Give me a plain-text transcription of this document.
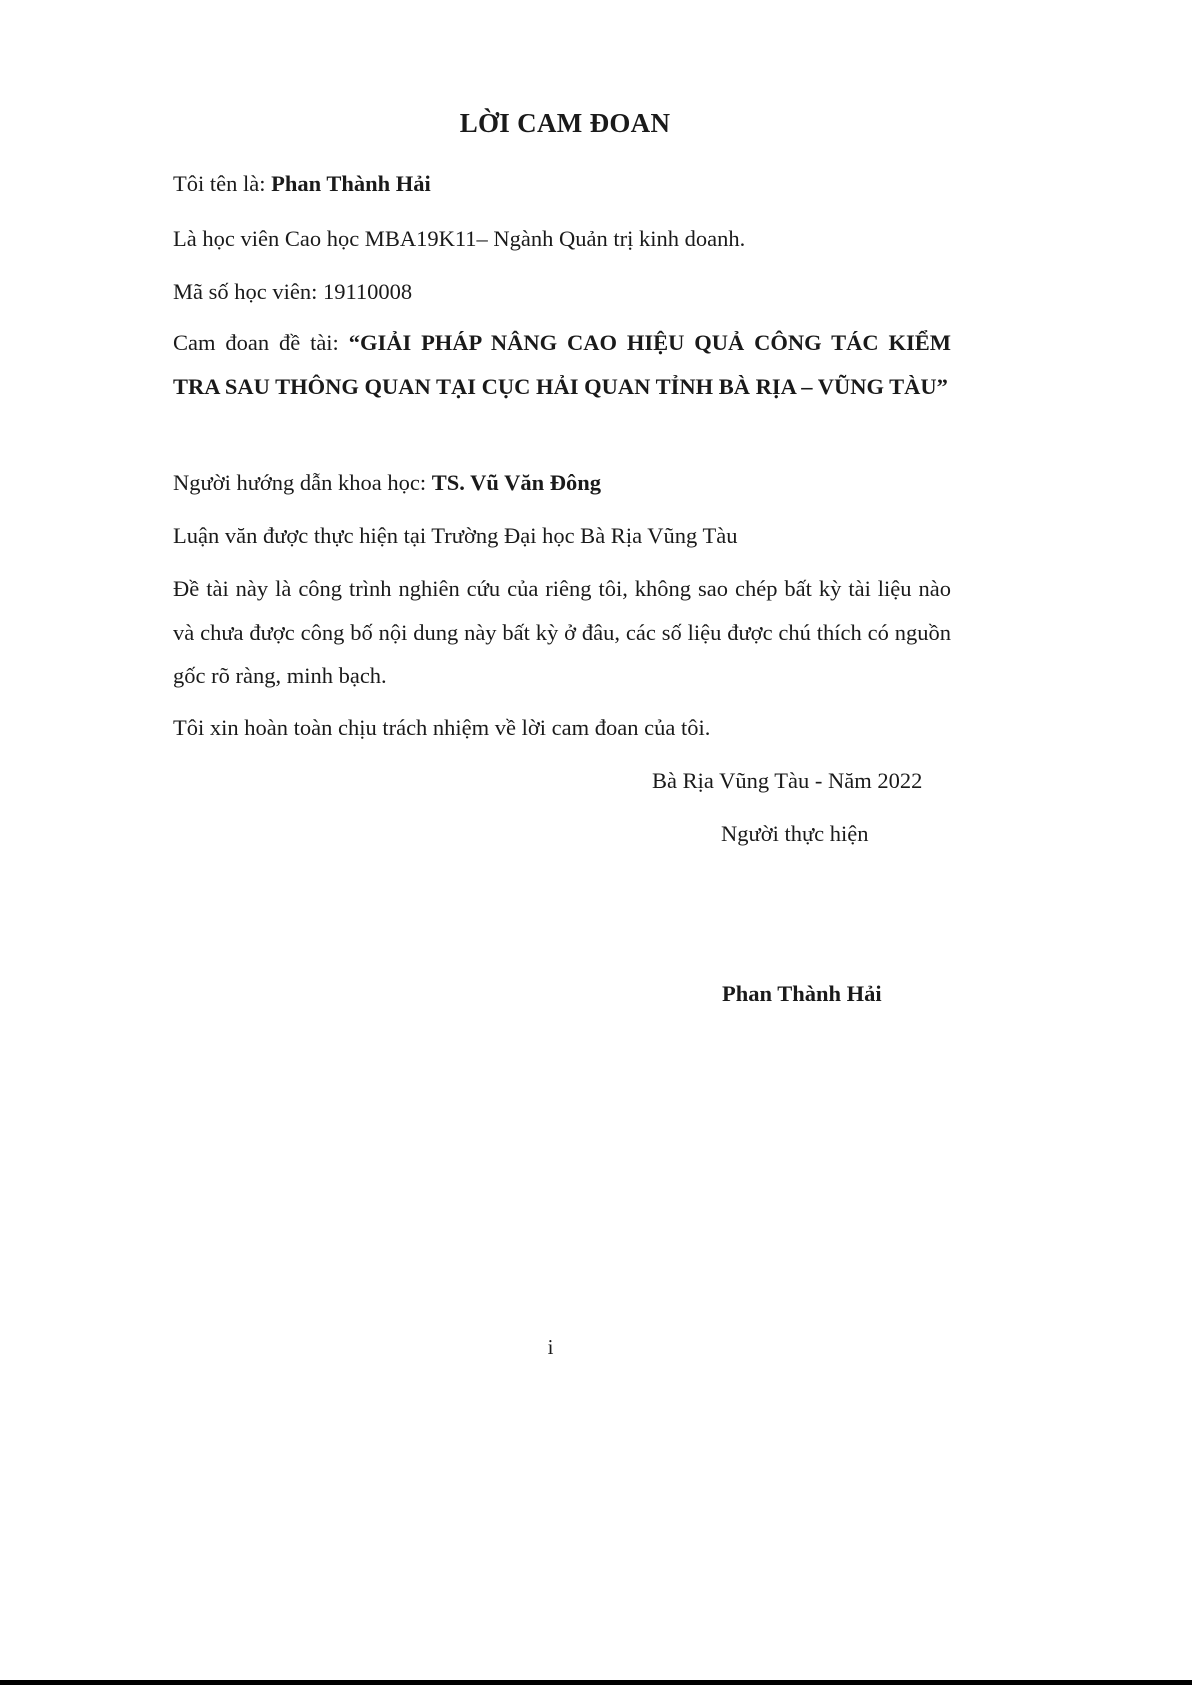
LỜI CAM ĐOAN
Tôi tên là: Phan Thành Hải
Là học viên Cao học MBA19K11– Ngành Quản trị kinh doanh.
Mã số học viên: 19110008
Cam đoan đề tài: “GIẢI PHÁP NÂNG CAO HIỆU QUẢ CÔNG TÁC KIỂM TRA SAU THÔNG QUAN TẠI CỤC HẢI QUAN TỈNH BÀ RỊA – VŨNG TÀU”
Người hướng dẫn khoa học: TS. Vũ Văn Đông
Luận văn được thực hiện tại Trường Đại học Bà Rịa Vũng Tàu
Đề tài này là công trình nghiên cứu của riêng tôi, không sao chép bất kỳ tài liệu nào và chưa được công bố nội dung này bất kỳ ở đâu, các số liệu được chú thích có nguồn gốc rõ ràng, minh bạch.
Tôi xin hoàn toàn chịu trách nhiệm về lời cam đoan của tôi.
Bà Rịa Vũng Tàu - Năm 2022
Người thực hiện
Phan Thành Hải
i
